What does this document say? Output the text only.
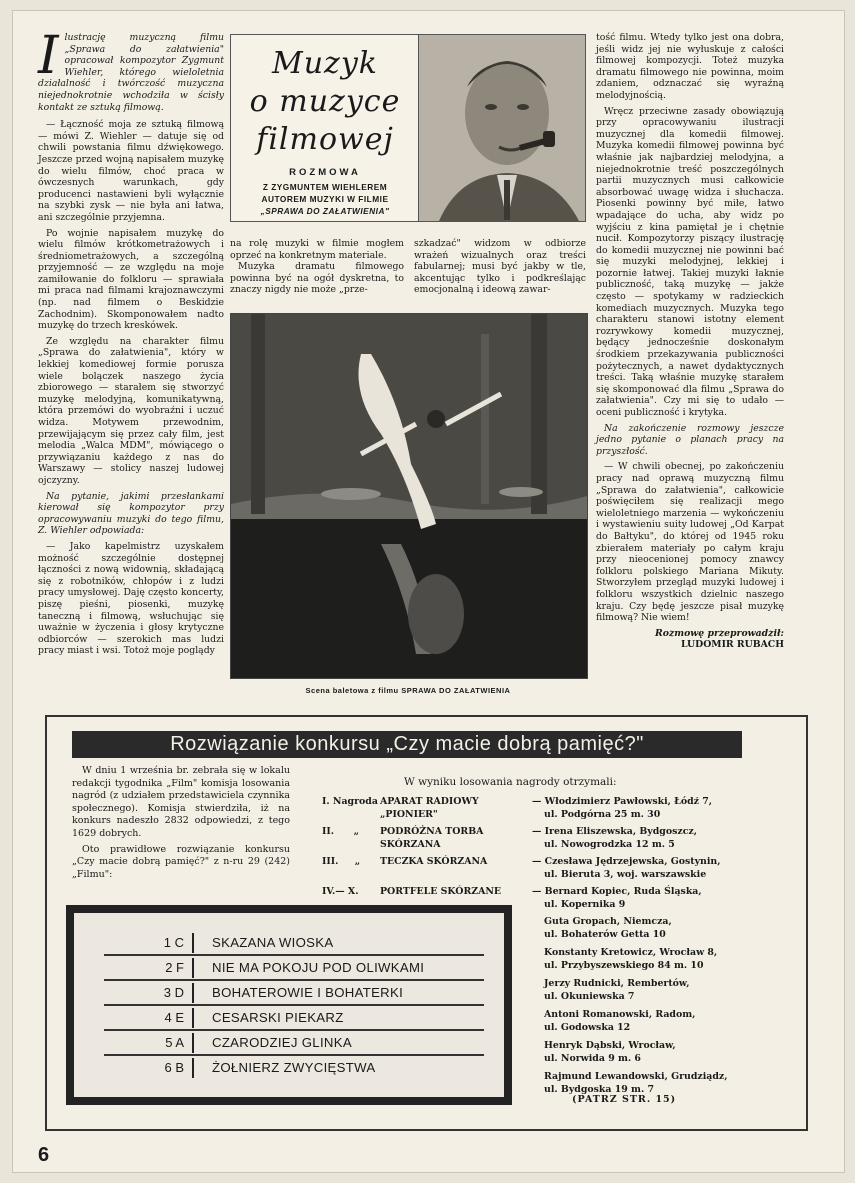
Ilustrację muzyczną filmu „Sprawa do załatwienia" opracował kompozytor Zygmunt Wiehler, którego wieloletnia działalność i twórczość muzyczna niejednokrotnie wchodziła w ścisły kontakt ze sztuką filmową.

— Łączność moja ze sztuką filmową — mówi Z. Wiehler — datuje się od chwili powstania filmu dźwiękowego. Jeszcze przed wojną napisałem muzykę do wielu filmów, choć praca w ówczesnych warunkach, gdy producenci nastawieni byli wyłącznie na szybki zysk — nie była ani łatwa, ani szczególnie przyjemna.

Po wojnie napisałem muzykę do wielu filmów krótkometrażowych i średniometrażowych, a szczególną przyjemność — ze względu na moje zamiłowanie do folkloru — sprawiała mi praca nad filmami krajoznawczymi (np. nad filmem o Beskidzie Zachodnim). Skomponowałem nadto muzykę do trzech kreskówek.

Ze względu na charakter filmu „Sprawa do załatwienia", który w lekkiej komediowej formie porusza wiele bolączek naszego życia zbiorowego — starałem się stworzyć muzykę melodyjną, komunikatywną, która przemówi do wyobraźni i uczuć widza. Motywem przewodnim, przewijającym się przez cały film, jest melodia „Walca MDM", mówiącego o przywiązaniu każdego z nas do Warszawy — stolicy naszej ludowej ojczyzny.

Na pytanie, jakimi przesłankami kierował się kompozytor przy opracowywaniu muzyki do tego filmu, Z. Wiehler odpowiada:

— Jako kapelmistrz uzyskałem możność szczególnie dostępnej łączności z nową widownią, składającą się z robotników, chłopów i z ludzi pracy umysłowej. Daję często koncerty, piszę pieśni, piosenki, muzykę taneczną i filmową, wsłuchując się uważnie w życzenia i głosy krytyczne odbiorców — szerokich mas ludzi pracy miast i wsi. Totoż moje poglądy

Muzyk
o muzyce
filmowej
ROZMOWA
Z ZYGMUNTEM WIEHLEREM
AUTOREM MUZYKI W FILMIE
„SPRAWA DO ZAŁATWIENIA"

na rolę muzyki w filmie mogłem oprzeć na konkretnym materiale.

Muzyka dramatu filmowego powinna być na ogół dyskretna, to znaczy nigdy nie może „prze-

szkadzać" widzom w odbiorze wrażeń wizualnych oraz treści fabularnej; musi być jakby w tle, akcentując tylko i podkreślając emocjonalną i ideową zawar-

Scena baletowa z filmu SPRAWA DO ZAŁATWIENIA

tość filmu. Wtedy tylko jest ona dobra, jeśli widz jej nie wyłuskuje z całości filmowej kompozycji. Toteż muzyka dramatu filmowego nie powinna, moim zdaniem, odznaczać się wyraźną melodyjnością.

Wręcz przeciwne zasady obowiązują przy opracowywaniu ilustracji muzycznej dla komedii filmowej. Muzyka komedii filmowej powinna być właśnie jak najbardziej melodyjna, a niejednokrotnie treść poszczególnych partii muzycznych musi całkowicie absorbować uwagę widza i słuchacza. Piosenki powinny być miłe, łatwo wpadające do ucha, aby widz po wyjściu z kina pamiętał je i chętnie nucił. Kompozytorzy piszący ilustrację do komedii muzycznej nie powinni bać się muzyki melodyjnej, lekkiej i pozornie łatwej. Takiej muzyki łaknie publiczność, taką muzykę — jakże często — spotykamy w radzieckich komediach muzycznych. Muzyka tego charakteru stanowi istotny element rozrywkowy komedii muzycznej, będący jednocześnie doskonałym środkiem przekazywania publiczności pożytecznych, a nawet dydaktycznych treści. Taką właśnie muzykę starałem się skomponować dla filmu „Sprawa do załatwienia". Czy mi się to udało — oceni publiczność i krytyka.

Na zakończenie rozmowy jeszcze jedno pytanie o planach pracy na przyszłość.

— W chwili obecnej, po zakończeniu pracy nad oprawą muzyczną filmu „Sprawa do załatwienia", całkowicie poświęciłem się realizacji mego wieloletniego marzenia — wykończeniu i wystawieniu suity ludowej „Od Karpat do Bałtyku", do której od 1945 roku zbierałem materiały po całym kraju przy nieocenionej pomocy znawcy folkloru polskiego Mariana Mikuty. Stworzyłem przegląd muzyki ludowej i folkloru wszystkich dzielnic naszego kraju. Czy będę jeszcze pisał muzykę filmową? Nie wiem!

Rozmowę przeprowadził:

LUDOMIR RUBACH

Rozwiązanie konkursu „Czy macie dobrą pamięć?"

W dniu 1 września br. zebrała się w lokalu redakcji tygodnika „Film" komisja losowania nagród (z udziałem przedstawiciela czynnika społecznego). Komisja stwierdziła, iż na konkurs nadeszło 2832 odpowiedzi, z tego 1629 dobrych.

Oto prawidłowe rozwiązanie konkursu „Czy macie dobrą pamięć?" z n-ru 29 (242) „Filmu":

W wyniku losowania nagrody otrzymali:
I. Nagroda APARAT RADIOWY
„PIONIER"
— Włodzimierz Pawłowski, Łódź 7,
ul. Podgórna 25 m. 30
II.      „ PODRÓŻNA TORBA
SKÓRZANA
— Irena Eliszewska, Bydgoszcz,
ul. Nowogrodzka 12 m. 5
III.     „ TECZKA SKÓRZANA	— Czesława Jędrzejewska, Gostynin,
ul. Bieruta 3, woj. warszawskie
IV.— X. PORTFELE SKÓRZANE	— Bernard Kopiec, Ruda Śląska,
ul. Kopernika 9
Guta Gropach, Niemcza,
ul. Bohaterów Getta 10
Konstanty Kretowicz, Wrocław 8,
ul. Przybyszewskiego 84 m. 10
Jerzy Rudnicki, Rembertów,
ul. Okuniewska 7
Antoni Romanowski, Radom,
ul. Godowska 12
Henryk Dąbski, Wrocław,
ul. Norwida 9 m. 6
Rajmund Lewandowski, Grudziądz,
ul. Bydgoska 19 m. 7
(PATRZ STR. 15)
1 C SKAZANA WIOSKA
2 F NIE MA POKOJU POD OLIWKAMI
3 D BOHATEROWIE I BOHATERKI
4 E CESARSKI PIEKARZ
5 A CZARODZIEJ GLINKA
6 B ŻOŁNIERZ ZWYCIĘSTWA
6
